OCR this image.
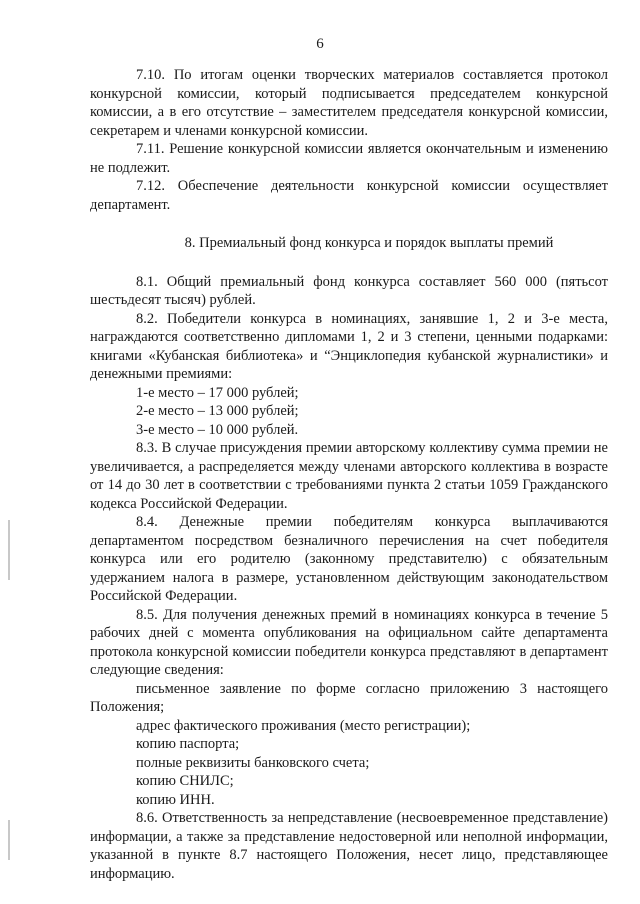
6

7.10. По итогам оценки творческих материалов составляется протокол конкурсной комиссии, который подписывается председателем конкурсной комиссии, а в его отсутствие – заместителем председателя конкурсной комиссии, секретарем и членами конкурсной комиссии.

7.11. Решение конкурсной комиссии является окончательным и изменению не подлежит.

7.12. Обеспечение деятельности конкурсной комиссии осуществляет департамент.

8. Премиальный фонд конкурса и порядок выплаты премий

8.1. Общий премиальный фонд конкурса составляет 560 000 (пятьсот шестьдесят тысяч) рублей.

8.2. Победители конкурса в номинациях, занявшие 1, 2 и 3-е места, награждаются соответственно дипломами 1, 2 и 3 степени, ценными подарками: книгами «Кубанская библиотека» и “Энциклопедия кубанской журналистики» и денежными премиями:

1-е место – 17 000 рублей;

2-е место – 13 000 рублей;

3-е место – 10 000 рублей.

8.3. В случае присуждения премии авторскому коллективу сумма премии не увеличивается, а распределяется между членами авторского коллектива в возрасте от 14 до 30 лет в соответствии с требованиями пункта 2 статьи 1059 Гражданского кодекса Российской Федерации.

8.4. Денежные премии победителям конкурса выплачиваются департаментом посредством безналичного перечисления на счет победителя конкурса или его родителю (законному представителю) с обязательным удержанием налога в размере, установленном действующим законодательством Российской Федерации.

8.5. Для получения денежных премий в номинациях конкурса в течение 5 рабочих дней с момента опубликования на официальном сайте департамента протокола конкурсной комиссии победители конкурса представляют в департамент следующие сведения:

письменное заявление по форме согласно приложению 3 настоящего Положения;

адрес фактического проживания (место регистрации);

копию паспорта;

полные реквизиты банковского счета;

копию СНИЛС;

копию ИНН.

8.6. Ответственность за непредставление (несвоевременное представление) информации, а также за представление недостоверной или неполной информации, указанной в пункте 8.7 настоящего Положения, несет лицо, представляющее информацию.
